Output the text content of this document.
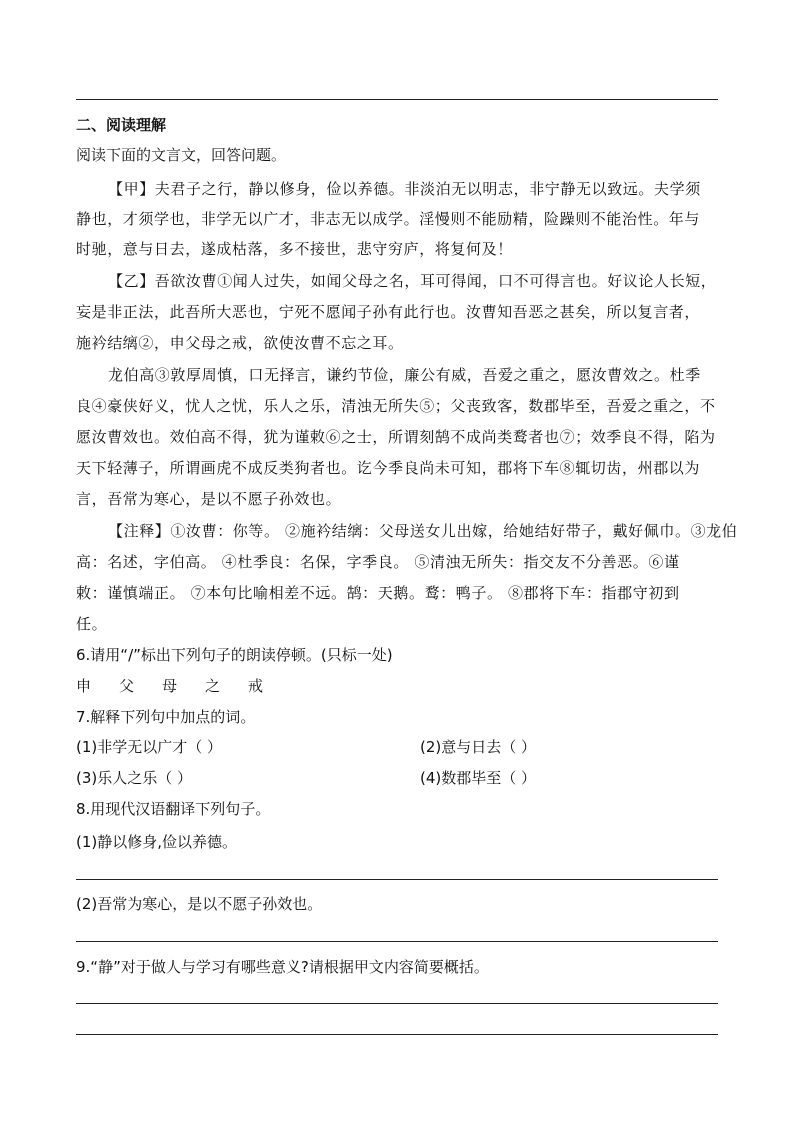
二、阅读理解
阅读下面的文言文，回答问题。
【甲】夫君子之行，静以修身，俭以养德。非淡泊无以明志，非宁静无以致远。夫学须
静也，才须学也，非学无以广才，非志无以成学。淫慢则不能励精，险躁则不能治性。年与
时驰，意与日去，遂成枯落，多不接世，悲守穷庐，将复何及！
【乙】吾欲汝曹①闻人过失，如闻父母之名，耳可得闻，口不可得言也。好议论人长短，
妄是非正法，此吾所大恶也，宁死不愿闻子孙有此行也。汝曹知吾恶之甚矣，所以复言者，
施衿结缡②，申父母之戒，欲使汝曹不忘之耳。
龙伯高③敦厚周慎，口无择言，谦约节俭，廉公有威，吾爱之重之，愿汝曹效之。杜季
良④豪侠好义，忧人之忧，乐人之乐，清浊无所失⑤；父丧致客，数郡毕至，吾爱之重之，不
愿汝曹效也。效伯高不得，犹为谨敕⑥之士，所谓刻鹄不成尚类鹜者也⑦；效季良不得，陷为
天下轻薄子，所谓画虎不成反类狗者也。讫今季良尚未可知，郡将下车⑧辄切齿，州郡以为
言，吾常为寒心，是以不愿子孙效也。
【注释】①汝曹：你等。 ②施衿结缡：父母送女儿出嫁，给她结好带子，戴好佩巾。③龙伯
高：名述，字伯高。 ④杜季良：名保，字季良。 ⑤清浊无所失：指交友不分善恶。⑥谨
敕：谨慎端正。 ⑦本句比喻相差不远。鹄：天鹅。鹜：鸭子。 ⑧郡将下车：指郡守初到
任。
6.请用“/”标出下列句子的朗读停顿。(只标一处)
申父母之戒
7.解释下列句中加点的词。
(1)非学无以广才（ ）	(2)意与日去（ ）
(3)乐人之乐（ ）	(4)数郡毕至（ ）
8.用现代汉语翻译下列句子。
(1)静以修身,俭以养德。
(2)吾常为寒心，是以不愿子孙效也。
9.“静”对于做人与学习有哪些意义?请根据甲文内容简要概括。
